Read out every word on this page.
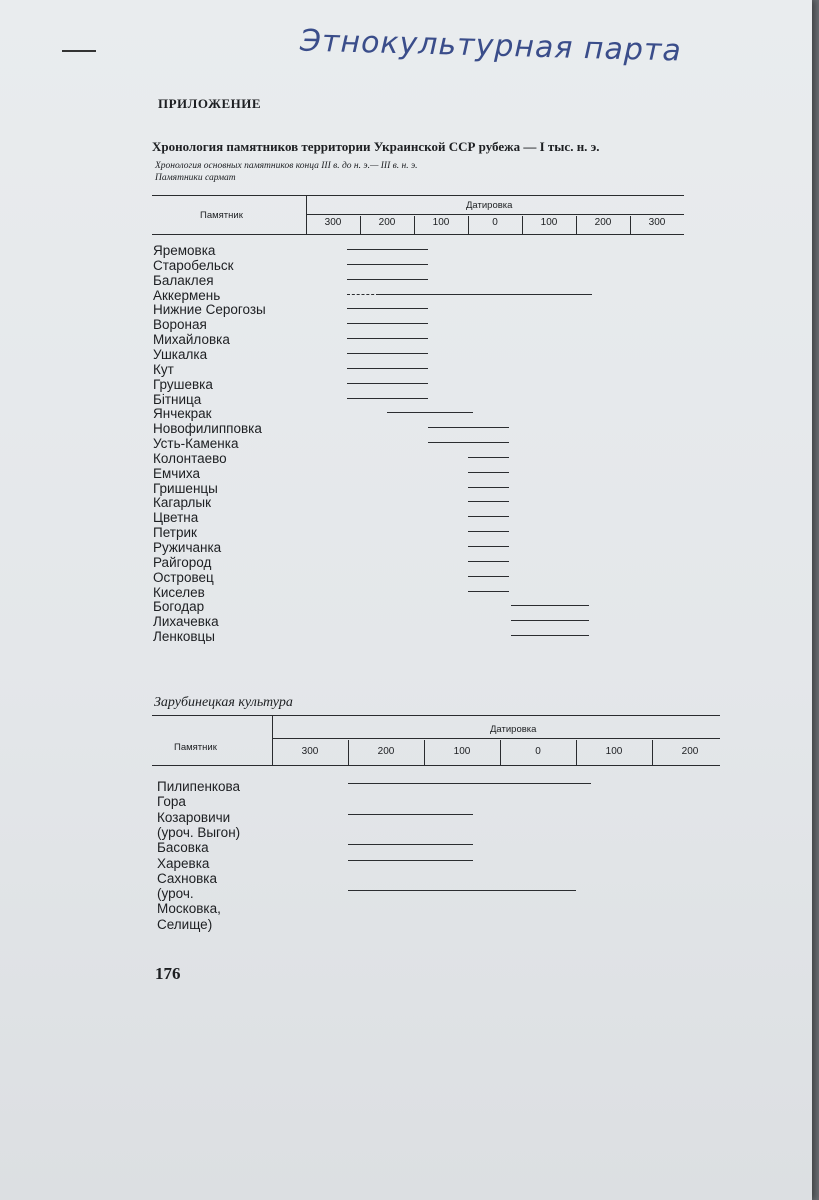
Этнокультурная парта
ПРИЛОЖЕНИЕ
Хронология памятников территории Украинской ССР рубежа — I тыс. н. э.
Хронология основных памятников конца III в. до н. э.— III в. н. э.
Памятники сармат
Памятник
Датировка
300	200	100	0	100	200	300
Яремовка
Старобельск
Балаклея
Аккермень
Нижние Серогозы
Вороная
Михайловка
Ушкалка
Кут
Грушевка
Бітница
Янчекрак
Новофилипповка
Усть-Каменка
Колонтаево
Емчиха
Гришенцы
Кагарлык
Цветна
Петрик
Ружичанка
Райгород
Островец
Киселев
Богодар
Лихачевка
Ленковцы
Зарубинецкая культура
Памятник
Датировка
300	200	100	0	100	200
Пилипенкова
Гора
Козаровичи
(уроч. Выгон)
Басовка
Харевка
Сахновка
(уроч.
Московка,
Селище)
176
